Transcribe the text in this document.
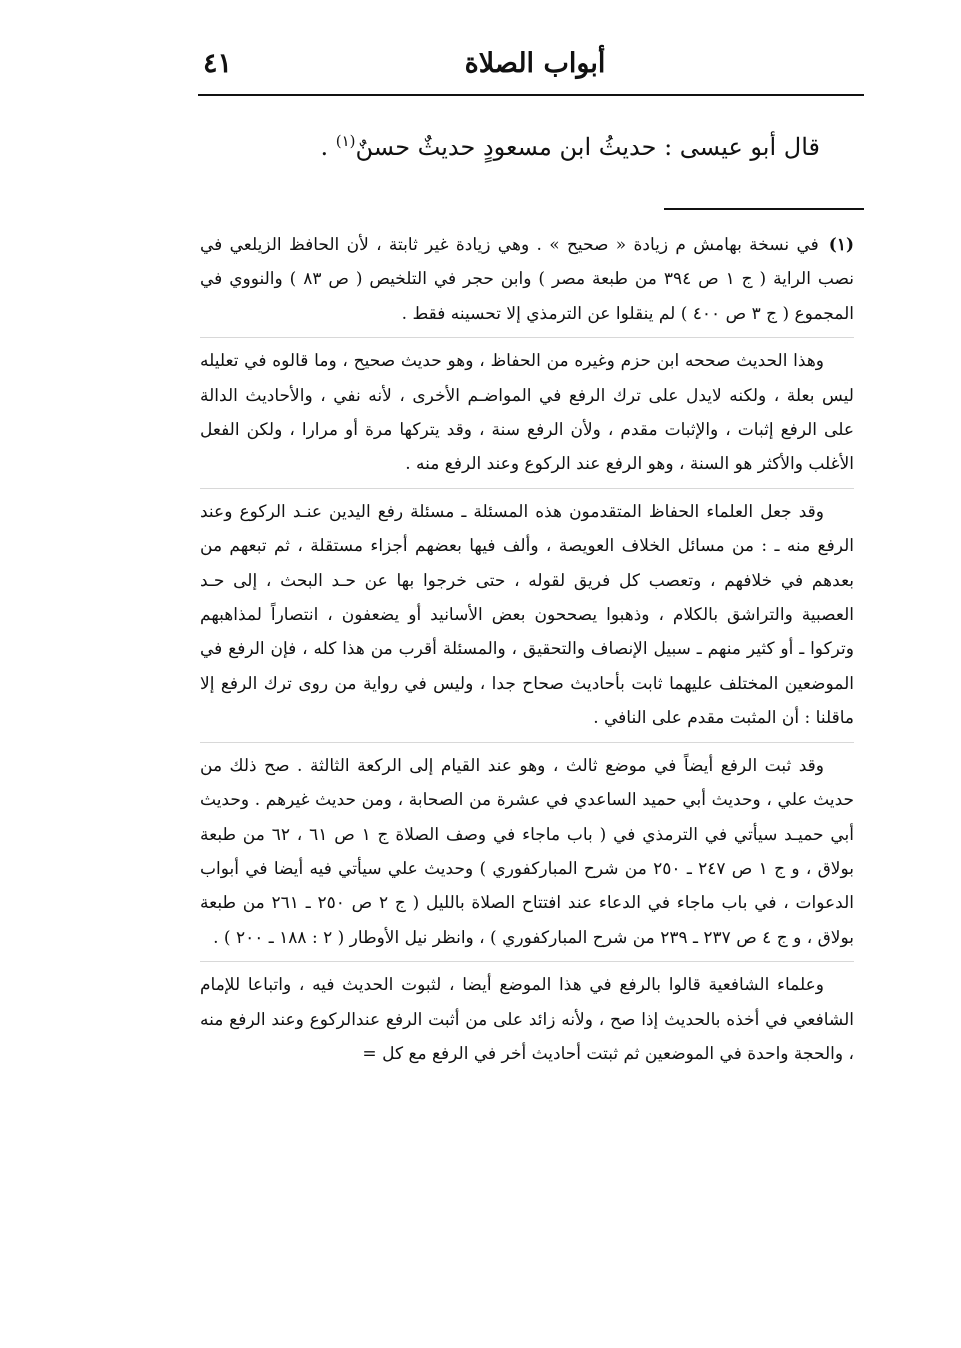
٤١	أبواب الصلاة
قال أبو عيسى : حديثُ ابن مسعودٍ حديثٌ حسنٌ$^{(١)}$ .

(١)في نسخة بهامش م زيادة « صحيح » . وهي زيادة غير ثابتة ، لأن الحافظ الزيلعي في نصب الراية ( ج ١ ص ٣٩٤ من طبعة مصر ) وابن حجر في التلخيص ( ص ٨٣ ) والنووي في المجموع ( ج ٣ ص ٤٠٠ ) لم ينقلوا عن الترمذي إلا تحسينه فقط .

وهذا الحديث صححه ابن حزم وغيره من الحفاظ ، وهو حديث صحيح ، وما قالوه في تعليله ليس بعلة ، ولكنه لايدل على ترك الرفع في المواضـم الأخرى ، لأنه نفي ، والأحاديث الدالة على الرفع إثبات ، والإثبات مقدم ، ولأن الرفع سنة ، وقد يتركها مرة أو مرارا ، ولكن الفعل الأغلب والأكثر هو السنة ، وهو الرفع عند الركوع وعند الرفع منه .

وقد جعل العلماء الحفاظ المتقدمون هذه المسئلة ـ مسئلة رفع اليدين عنـد الركوع وعند الرفع منه ـ : من مسائل الخلاف العويصة ، وألف فيها بعضهم أجزاء مستقلة ، ثم تبعهم من بعدهم في خلافهم ، وتعصب كل فريق لقوله ، حتى خرجوا بها عن حـد البحث ، إلى حـد العصبية والتراشق بالكلام ، وذهبوا يصححون بعض الأسانيد أو يضعفون ، انتصاراً لمذاهبهم وتركوا ـ أو كثير منهم ـ سبيل الإنصاف والتحقيق ، والمسئلة أقرب من هذا كله ، فإن الرفع في الموضعين المختلف عليهما ثابت بأحاديث صحاح جدا ، وليس في رواية من روى ترك الرفع إلا ماقلنا : أن المثبت مقدم على النافي .

وقد ثبت الرفع أيضاً في موضع ثالث ، وهو عند القيام إلى الركعة الثالثة . صح ذلك من حديث علي ، وحديث أبي حميد الساعدي في عشرة من الصحابة ، ومن حديث غيرهم . وحديث أبي حميـد سيأتي في الترمذي في ( باب ماجاء في وصف الصلاة ج ١ ص ٦١ ، ٦٢ من طبعة بولاق ، و ج ١ ص ٢٤٧ ـ ٢٥٠ من شرح المباركفوري ) وحديث علي سيأتي فيه أيضا في أبواب الدعوات ، في باب ماجاء في الدعاء عند افتتاح الصلاة بالليل ( ج ٢ ص ٢٥٠ ـ ٢٦١ من طبعة بولاق ، و ج ٤ ص ٢٣٧ ـ ٢٣٩ من شرح المباركفوري ) ، وانظر نيل الأوطار ( ٢ : ١٨٨ ـ ٢٠٠ ) .

وعلماء الشافعية قالوا بالرفع في هذا الموضع أيضا ، لثبوت الحديث فيه ، واتباعا للإمام الشافعي في أخذه بالحديث إذا صح ، ولأنه زائد على من أثبت الرفع عندالركوع وعند الرفع منه ، والحجة واحدة في الموضعين ثم ثبتت أحاديث أخر في الرفع مع كل =
